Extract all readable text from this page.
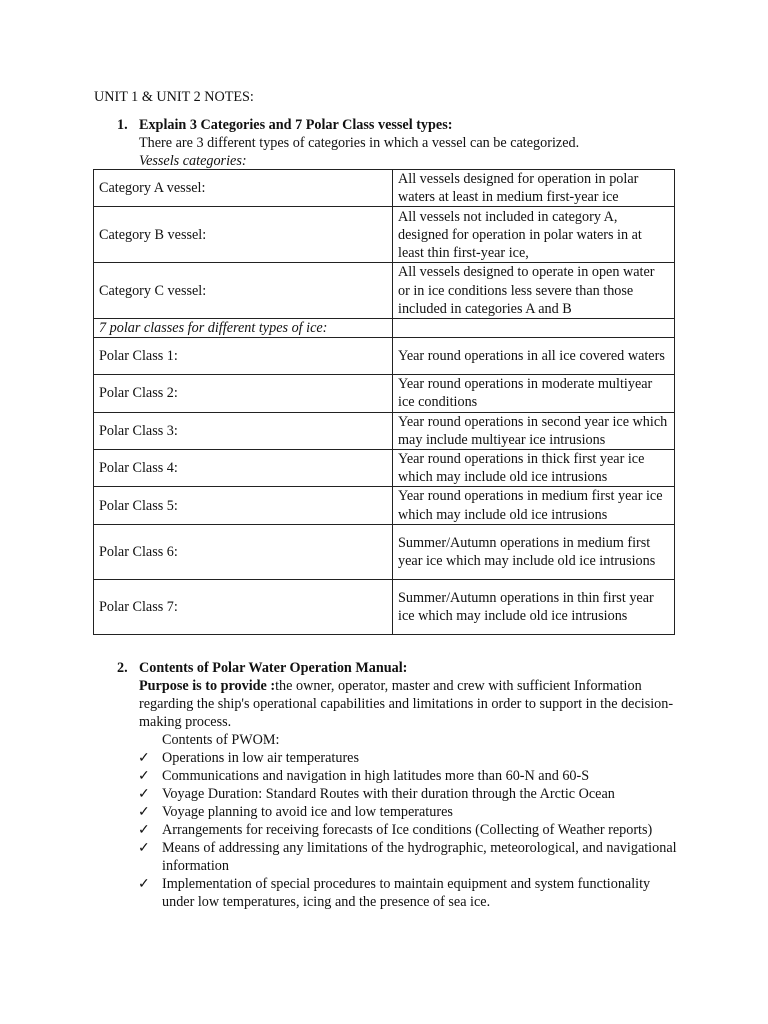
UNIT 1 & UNIT 2 NOTES:
1. Explain 3 Categories and 7 Polar Class vessel types:
There are 3 different types of categories in which a vessel can be categorized.
Vessels categories:
Category A vessel:	All vessels designed for operation in polar waters at least in medium first-year ice
Category B vessel:	All vessels not included in category A, designed for operation in polar waters in at least thin first-year ice,
Category C vessel:	All vessels designed to operate in open water or in ice conditions less severe than those included in categories A and B
7 polar classes for different types of ice:	
Polar Class 1:	Year round operations in all ice covered waters
Polar Class 2:	Year round operations in moderate multiyear ice conditions
Polar Class 3:	Year round operations in second year ice which may include multiyear ice intrusions
Polar Class 4:	Year round operations in thick first year ice which may include old ice intrusions
Polar Class 5:	Year round operations in medium first year ice which may include old ice intrusions
Polar Class 6:	Summer/Autumn operations in medium first year ice which may include old ice intrusions
Polar Class 7:	Summer/Autumn operations in thin first year ice which may include old ice intrusions
2. Contents of Polar Water Operation Manual:
Purpose is to provide :the owner, operator, master and crew with sufficient Information regarding the ship's operational capabilities and limitations in order to support in the decision-making process.
Contents of PWOM:
✓ Operations in low air temperatures
✓ Communications and navigation in high latitudes more than 60-N and 60-S
✓ Voyage Duration: Standard Routes with their duration through the Arctic Ocean
✓ Voyage planning to avoid ice and low temperatures
✓ Arrangements for receiving forecasts of Ice conditions (Collecting of Weather reports)
✓ Means of addressing any limitations of the hydrographic, meteorological, and navigational information
✓ Implementation of special procedures to maintain equipment and system functionality under low temperatures, icing and the presence of sea ice.
